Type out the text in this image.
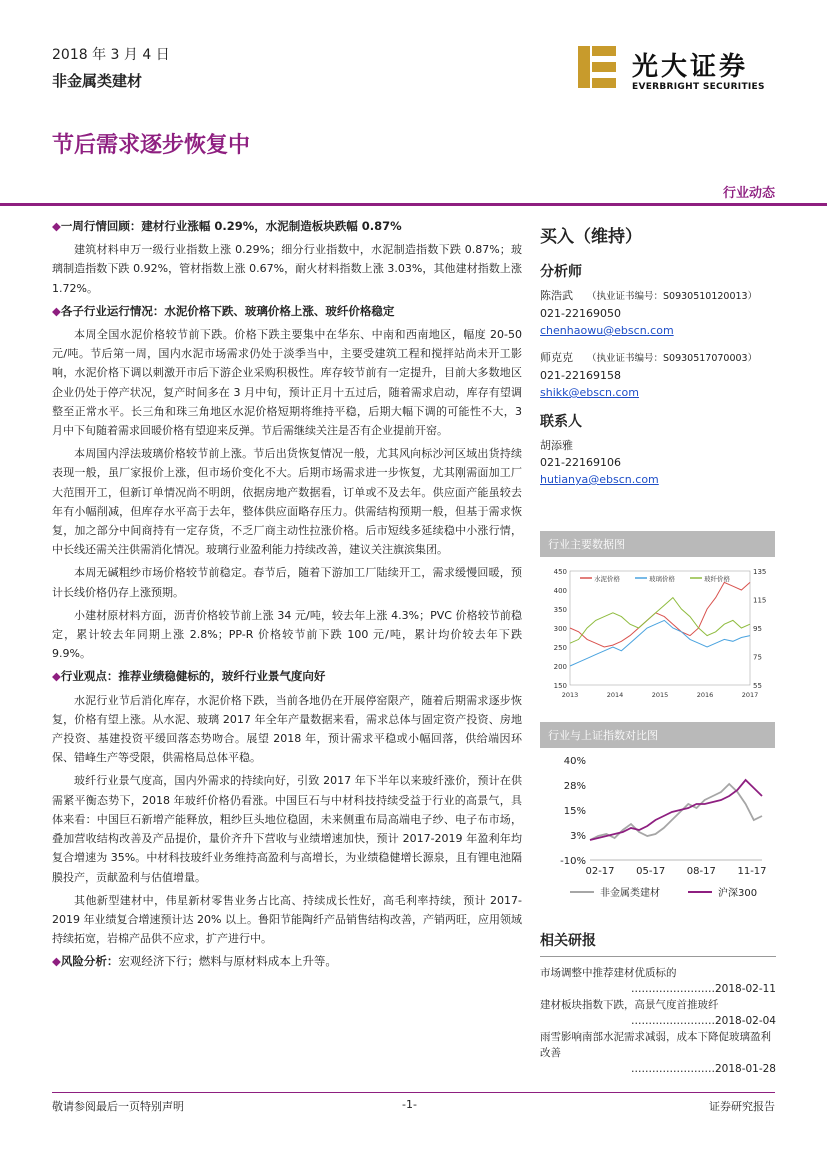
2018 年 3 月 4 日
非金属类建材
节后需求逐步恢复中
光大证券
EVERBRIGHT SECURITIES
行业动态
◆一周行情回顾：建材行业涨幅 0.29%，水泥制造板块跌幅 0.87%

建筑材料申万一级行业指数上涨 0.29%；细分行业指数中，水泥制造指数下跌 0.87%；玻璃制造指数下跌 0.92%，管材指数上涨 0.67%，耐火材料指数上涨 3.03%，其他建材指数上涨 1.72%。

◆各子行业运行情况：水泥价格下跌、玻璃价格上涨、玻纤价格稳定

本周全国水泥价格较节前下跌。价格下跌主要集中在华东、中南和西南地区，幅度 20-50 元/吨。节后第一周，国内水泥市场需求仍处于淡季当中，主要受建筑工程和搅拌站尚未开工影响，水泥价格下调以刺激开市后下游企业采购积极性。库存较节前有一定提升，目前大多数地区企业仍处于停产状况，复产时间多在 3 月中旬，预计正月十五过后，随着需求启动，库存有望调整至正常水平。长三角和珠三角地区水泥价格短期将维持平稳，后期大幅下调的可能性不大，3 月中下旬随着需求回暖价格有望迎来反弹。节后需继续关注是否有企业提前开窑。

本周国内浮法玻璃价格较节前上涨。节后出货恢复情况一般，尤其风向标沙河区域出货持续表现一般，虽厂家报价上涨，但市场价变化不大。后期市场需求进一步恢复，尤其刚需面加工厂大范围开工，但新订单情况尚不明朗，依据房地产数据看，订单或不及去年。供应面产能虽较去年有小幅削减，但库存水平高于去年，整体供应面略存压力。供需结构预期一般，但基于需求恢复，加之部分中间商持有一定存货，不乏厂商主动性拉涨价格。后市短线多延续稳中小涨行情，中长线还需关注供需消化情况。玻璃行业盈利能力持续改善，建议关注旗滨集团。

本周无碱粗纱市场价格较节前稳定。春节后，随着下游加工厂陆续开工，需求缓慢回暖，预计长线价格仍存上涨预期。

小建材原材料方面，沥青价格较节前上涨 34 元/吨，较去年上涨 4.3%；PVC 价格较节前稳定，累计较去年同期上涨 2.8%；PP-R 价格较节前下跌 100 元/吨，累计均价较去年下跌 9.9%。

◆行业观点：推荐业绩稳健标的，玻纤行业景气度向好

水泥行业节后消化库存，水泥价格下跌，当前各地仍在开展停窑限产，随着后期需求逐步恢复，价格有望上涨。从水泥、玻璃 2017 年全年产量数据来看，需求总体与固定资产投资、房地产投资、基建投资平缓回落态势吻合。展望 2018 年，预计需求平稳或小幅回落，供给端因环保、错峰生产等受限，供需格局总体平稳。

玻纤行业景气度高，国内外需求的持续向好，引致 2017 年下半年以来玻纤涨价，预计在供需紧平衡态势下，2018 年玻纤价格仍看涨。中国巨石与中材科技持续受益于行业的高景气，具体来看：中国巨石新增产能释放，粗纱巨头地位稳固，未来侧重布局高端电子纱、电子布市场，叠加营收结构改善及产品提价，量价齐升下营收与业绩增速加快，预计 2017-2019 年盈利年均复合增速为 35%。中材科技玻纤业务维持高盈利与高增长，为业绩稳健增长源泉，且有锂电池隔膜投产，贡献盈利与估值增量。

其他新型建材中，伟星新材零售业务占比高、持续成长性好，高毛利率持续，预计 2017-2019 年业绩复合增速预计达 20% 以上。鲁阳节能陶纤产品销售结构改善，产销两旺，应用领域持续拓宽，岩棉产品供不应求，扩产进行中。

◆风险分析：宏观经济下行；燃料与原材料成本上升等。
买入（维持）
分析师
陈浩武 （执业证书编号：S0930510120013）
021-22169050
chenhaowu@ebscn.com
师克克 （执业证书编号：S0930517070003）
021-22169158
shikk@ebscn.com
联系人
胡添雅
021-22169106
hutianya@ebscn.com
行业主要数据图
450
400
350
300
250
200
150
135
115
95
75
55
水泥价格	玻璃价格	玻纤价格
2013	2014	2015	2016	2017
行业与上证指数对比图
40%
28%
15%
3%
-10%
02-17 05-17 08-17 11-17
非金属类建材	沪深300
相关研报
市场调整中推荐建材优质标的
……………………2018-02-11
建材板块指数下跌，高景气度首推玻纤
……………………2018-02-04
雨雪影响南部水泥需求减弱，成本下降促玻璃盈利改善
……………………2018-01-28
敬请参阅最后一页特别声明	-1-	证券研究报告
